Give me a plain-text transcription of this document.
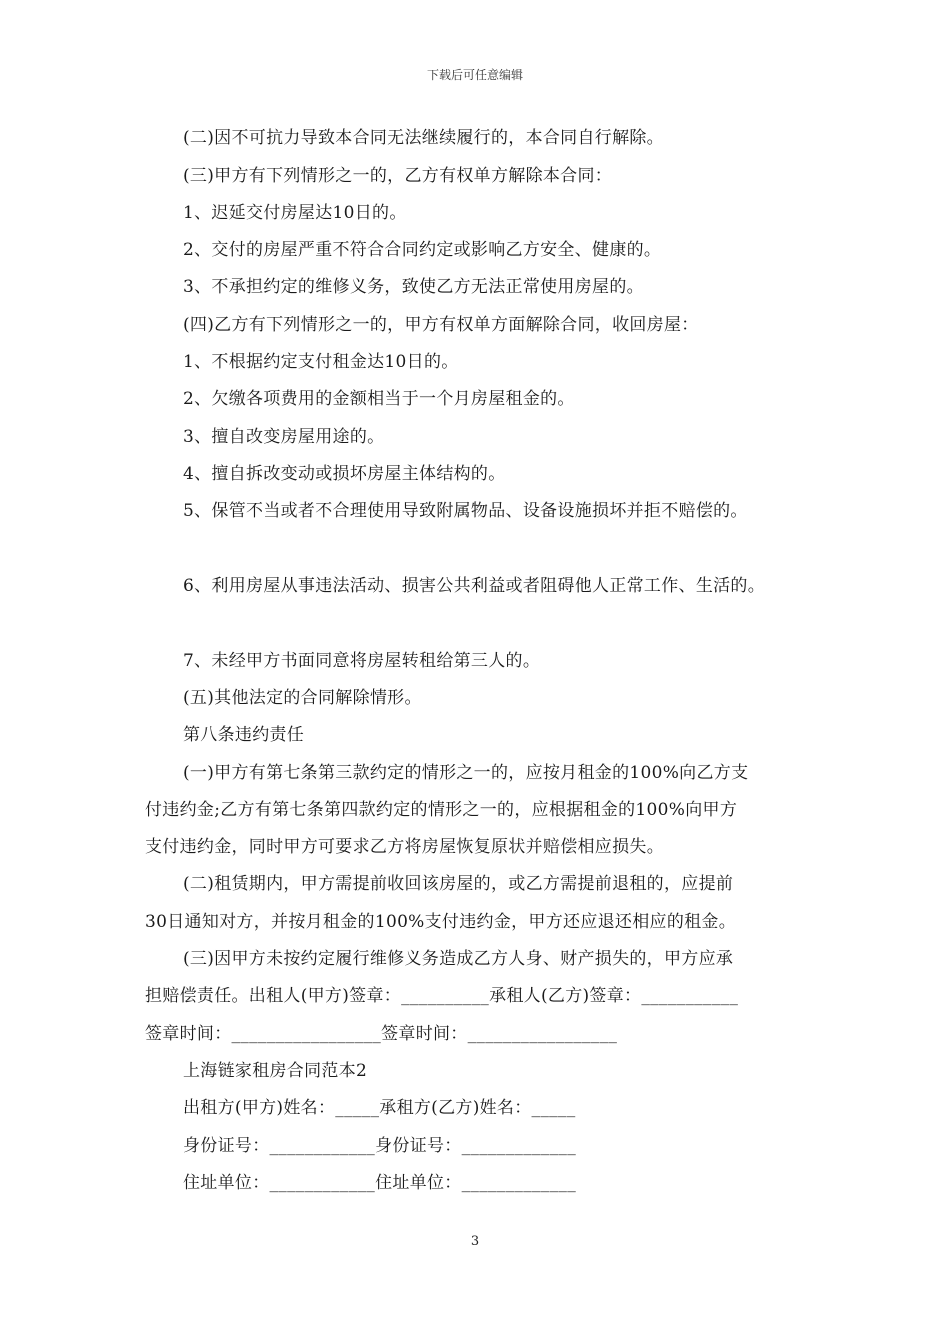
下载后可任意编辑
(二)因不可抗力导致本合同无法继续履行的，本合同自行解除。
(三)甲方有下列情形之一的，乙方有权单方解除本合同：
1、迟延交付房屋达10日的。
2、交付的房屋严重不符合合同约定或影响乙方安全、健康的。
3、不承担约定的维修义务，致使乙方无法正常使用房屋的。
(四)乙方有下列情形之一的，甲方有权单方面解除合同，收回房屋：
1、不根据约定支付租金达10日的。
2、欠缴各项费用的金额相当于一个月房屋租金的。
3、擅自改变房屋用途的。
4、擅自拆改变动或损坏房屋主体结构的。
5、保管不当或者不合理使用导致附属物品、设备设施损坏并拒不赔偿的。
6、利用房屋从事违法活动、损害公共利益或者阻碍他人正常工作、生活的。
7、未经甲方书面同意将房屋转租给第三人的。
(五)其他法定的合同解除情形。
第八条违约责任
(一)甲方有第七条第三款约定的情形之一的，应按月租金的100%向乙方支
付违约金;乙方有第七条第四款约定的情形之一的，应根据租金的100%向甲方
支付违约金，同时甲方可要求乙方将房屋恢复原状并赔偿相应损失。
(二)租赁期内，甲方需提前收回该房屋的，或乙方需提前退租的，应提前
30日通知对方，并按月租金的100%支付违约金，甲方还应退还相应的租金。
(三)因甲方未按约定履行维修义务造成乙方人身、财产损失的，甲方应承
担赔偿责任。出租人(甲方)签章：__________承租人(乙方)签章：___________
签章时间：_________________签章时间：_________________
上海链家租房合同范本2
出租方(甲方)姓名：_____承租方(乙方)姓名：_____
身份证号：____________身份证号：_____________
住址单位：____________住址单位：_____________
3
